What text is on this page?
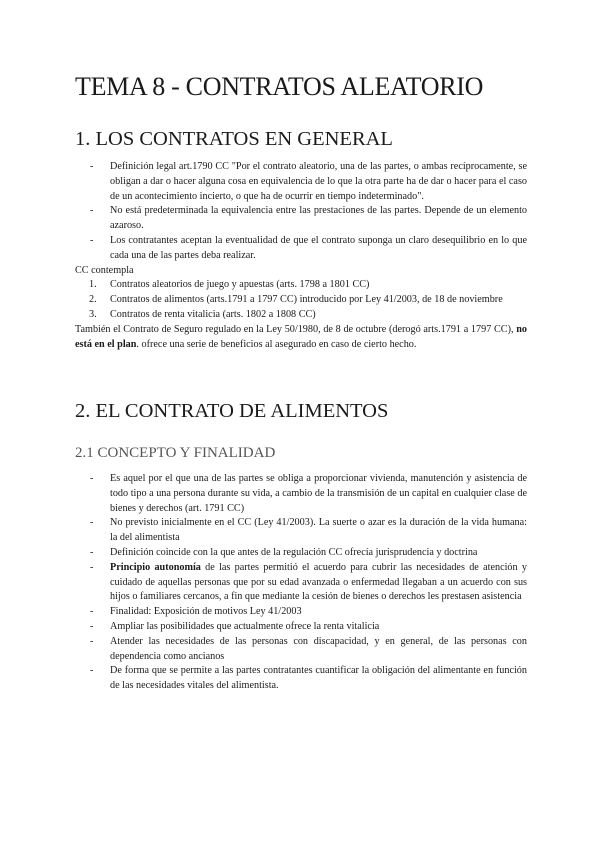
TEMA 8 - CONTRATOS ALEATORIO
1. LOS CONTRATOS EN GENERAL
- Definición legal art.1790 CC "Por el contrato aleatorio, una de las partes, o ambas recíprocamente, se obligan a dar o hacer alguna cosa en equivalencia de lo que la otra parte ha de dar o hacer para el caso de un acontecimiento incierto, o que ha de ocurrir en tiempo indeterminado".
- No está predeterminada la equivalencia entre las prestaciones de las partes. Depende de un elemento azaroso.
- Los contratantes aceptan la eventualidad de que el contrato suponga un claro desequilibrio en lo que cada una de las partes deba realizar.

CC contempla

1. Contratos aleatorios de juego y apuestas (arts. 1798 a 1801 CC)
2. Contratos de alimentos (arts.1791 a 1797 CC) introducido por Ley 41/2003, de 18 de noviembre
3. Contratos de renta vitalicia (arts. 1802 a 1808 CC)

También el Contrato de Seguro regulado en la Ley 50/1980, de 8 de octubre (derogó arts.1791 a 1797 CC), no está en el plan. ofrece una serie de beneficios al asegurado en caso de cierto hecho.

2. EL CONTRATO DE ALIMENTOS
2.1 CONCEPTO Y FINALIDAD
- Es aquel por el que una de las partes se obliga a proporcionar vivienda, manutención y asistencia de todo tipo a una persona durante su vida, a cambio de la transmisión de un capital en cualquier clase de bienes y derechos (art. 1791 CC)
- No previsto inicialmente en el CC (Ley 41/2003). La suerte o azar es la duración de la vida humana: la del alimentista
- Definición coincide con la que antes de la regulación CC ofrecía jurisprudencia y doctrina
- Principio autonomía de las partes permitió el acuerdo para cubrir las necesidades de atención y cuidado de aquellas personas que por su edad avanzada o enfermedad llegaban a un acuerdo con sus hijos o familiares cercanos, a fin que mediante la cesión de bienes o derechos les prestasen asistencia
- Finalidad: Exposición de motivos Ley 41/2003
- Ampliar las posibilidades que actualmente ofrece la renta vitalicia
- Atender las necesidades de las personas con discapacidad, y en general, de las personas con dependencia como ancianos
- De forma que se permite a las partes contratantes cuantificar la obligación del alimentante en función de las necesidades vitales del alimentista.
